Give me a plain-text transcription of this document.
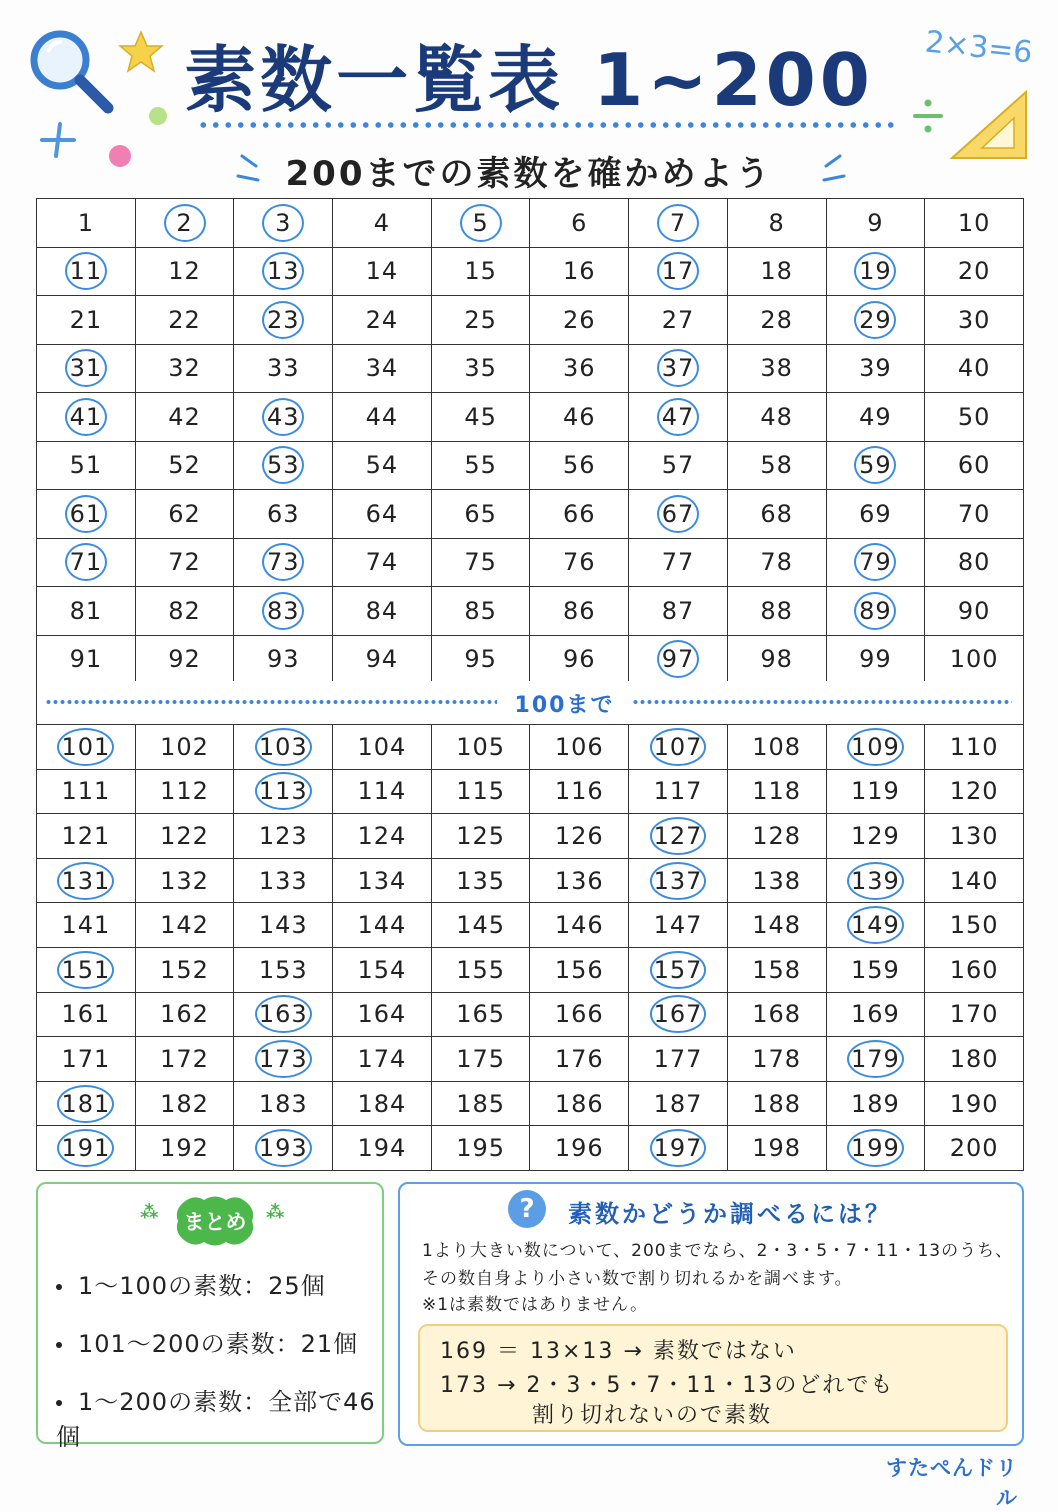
2×3=6
素数一覧表 1~200
200までの素数を確かめよう
1	2	3	4	5	6	7	8	9	10
11	12	13	14	15	16	17	18	19	20
21	22	23	24	25	26	27	28	29	30
31	32	33	34	35	36	37	38	39	40
41	42	43	44	45	46	47	48	49	50
51	52	53	54	55	56	57	58	59	60
61	62	63	64	65	66	67	68	69	70
71	72	73	74	75	76	77	78	79	80
81	82	83	84	85	86	87	88	89	90
91	92	93	94	95	96	97	98	99	100
100まで
101	102	103	104	105	106	107	108	109	110
111	112	113	114	115	116	117	118	119	120
121	122	123	124	125	126	127	128	129	130
131	132	133	134	135	136	137	138	139	140
141	142	143	144	145	146	147	148	149	150
151	152	153	154	155	156	157	158	159	160
161	162	163	164	165	166	167	168	169	170
171	172	173	174	175	176	177	178	179	180
181	182	183	184	185	186	187	188	189	190
191	192	193	194	195	196	197	198	199	200
⁂	まとめ	⁂
1～100の素数：25個
101～200の素数：21個
1～200の素数：全部で46個
?	素数かどうか調べるには？
1より大きい数について、200までなら、2・3・5・7・11・13のうち、
その数自身より小さい数で割り切れるかを調べます。
※1は素数ではありません。
169 ＝ 13×13 → 素数ではない
173 → 2・3・5・7・11・13のどれでも
割り切れないので素数
すたぺんドリル
